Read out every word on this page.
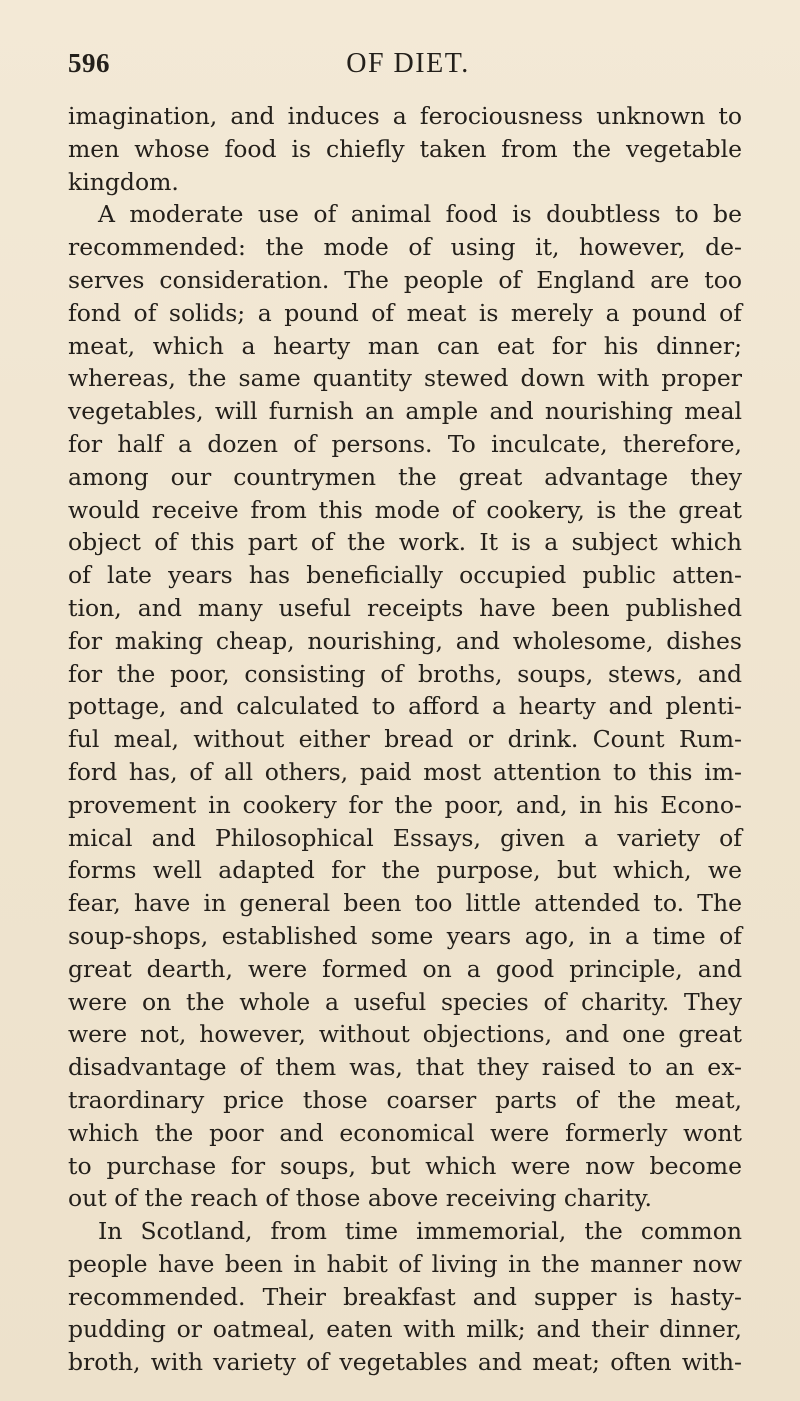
596	OF DIET.
imagination, and induces a ferociousness unknown to
men whose food is chiefly taken from the vegetable
kingdom.
A moderate use of animal food is doubtless to be
recommended: the mode of using it, however, de-
serves consideration. The people of England are too
fond of solids; a pound of meat is merely a pound of
meat, which a hearty man can eat for his dinner;
whereas, the same quantity stewed down with proper
vegetables, will furnish an ample and nourishing meal
for half a dozen of persons. To inculcate, therefore,
among our countrymen the great advantage they
would receive from this mode of cookery, is the great
object of this part of the work. It is a subject which
of late years has beneficially occupied public atten-
tion, and many useful receipts have been published
for making cheap, nourishing, and wholesome, dishes
for the poor, consisting of broths, soups, stews, and
pottage, and calculated to afford a hearty and plenti-
ful meal, without either bread or drink. Count Rum-
ford has, of all others, paid most attention to this im-
provement in cookery for the poor, and, in his Econo-
mical and Philosophical Essays, given a variety of
forms well adapted for the purpose, but which, we
fear, have in general been too little attended to. The
soup-shops, established some years ago, in a time of
great dearth, were formed on a good principle, and
were on the whole a useful species of charity. They
were not, however, without objections, and one great
disadvantage of them was, that they raised to an ex-
traordinary price those coarser parts of the meat,
which the poor and economical were formerly wont
to purchase for soups, but which were now become
out of the reach of those above receiving charity.
In Scotland, from time immemorial, the common
people have been in habit of living in the manner now
recommended. Their breakfast and supper is hasty-
pudding or oatmeal, eaten with milk; and their dinner,
broth, with variety of vegetables and meat; often with-
